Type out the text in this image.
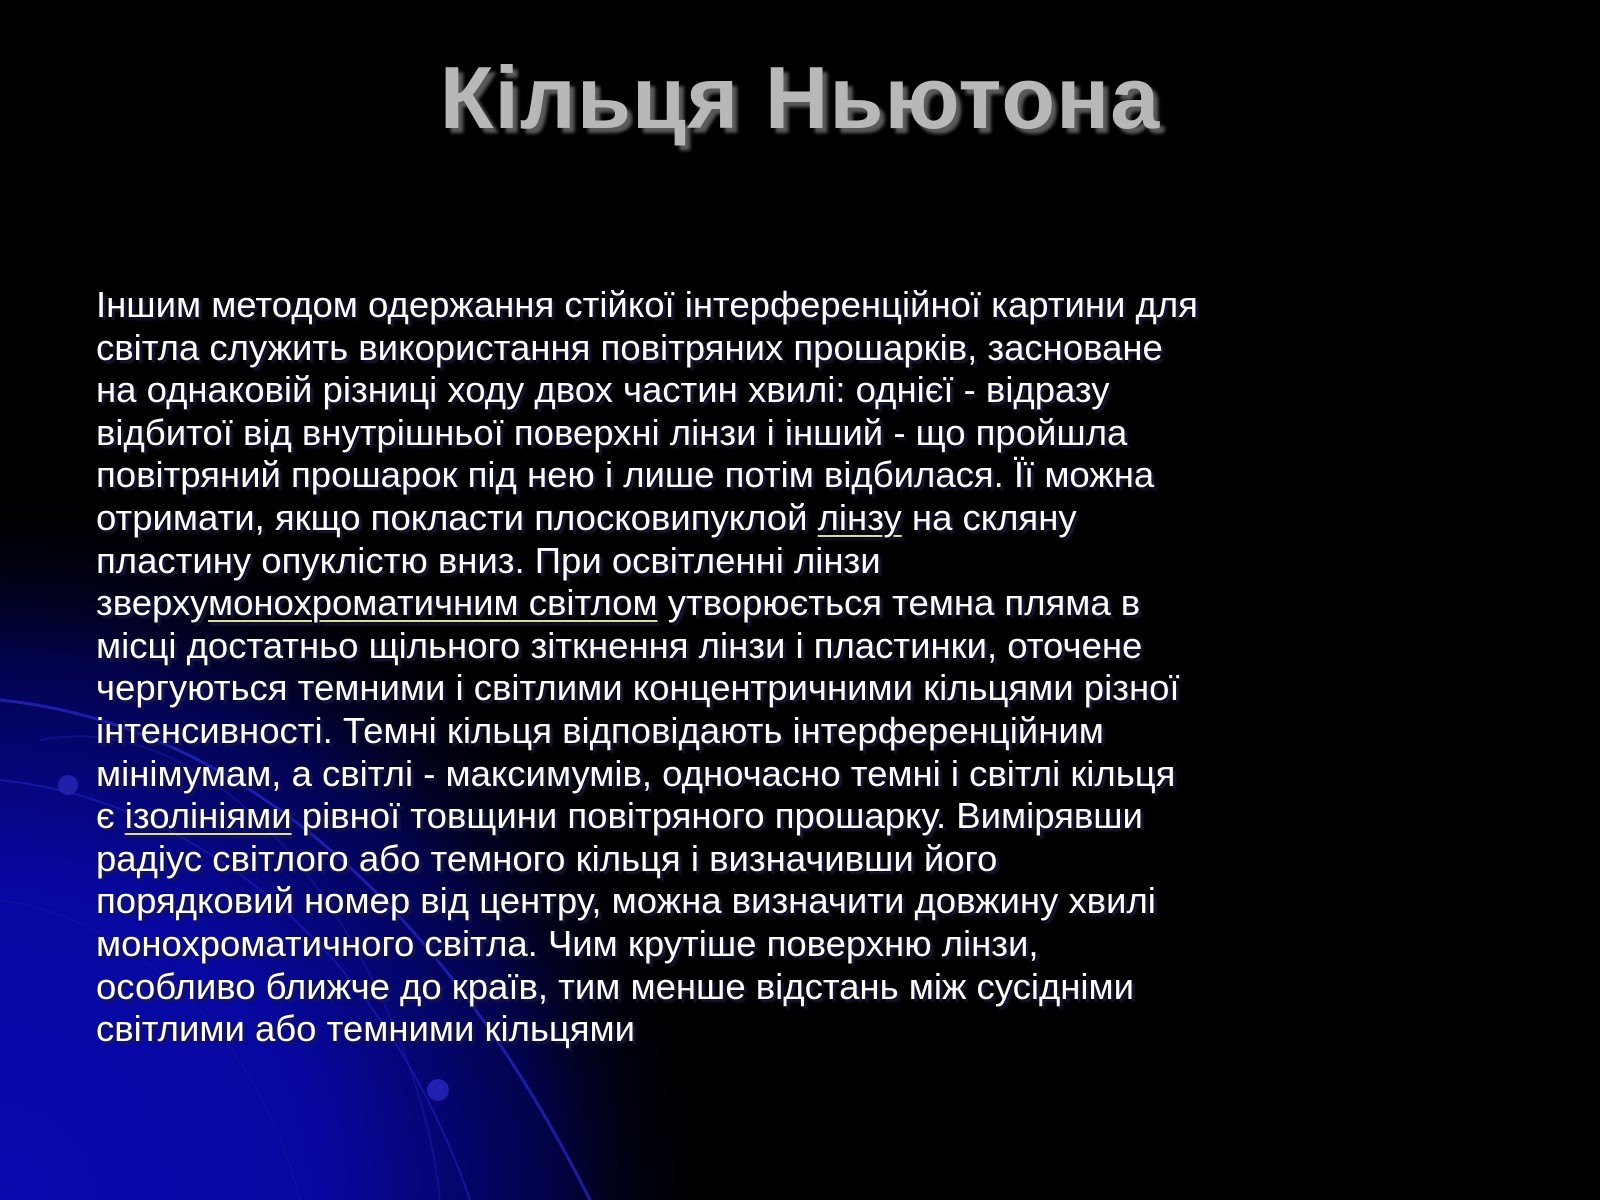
Кільця Ньютона
Іншим методом одержання стійкої інтерференційної картини для
світла служить використання повітряних прошарків, засноване
на однаковій різниці ходу двох частин хвилі: однієї - відразу
відбитої від внутрішньої поверхні лінзи і інший - що пройшла
повітряний прошарок під нею і лише потім відбилася. Її можна
отримати, якщо покласти плосковипуклой лінзу на скляну
пластину опуклістю вниз. При освітленні лінзи
зверхумонохроматичним світлом утворюється темна пляма в
місці достатньо щільного зіткнення лінзи і пластинки, оточене
чергуються темними і світлими концентричними кільцями різної
інтенсивності. Темні кільця відповідають інтерференційним
мінімумам, а світлі - максимумів, одночасно темні і світлі кільця
є ізолініями рівної товщини повітряного прошарку. Вимірявши
радіус світлого або темного кільця і визначивши його
порядковий номер від центру, можна визначити довжину хвилі
монохроматичного світла. Чим крутіше поверхню лінзи,
особливо ближче до країв, тим менше відстань між сусідніми
світлими або темними кільцями
